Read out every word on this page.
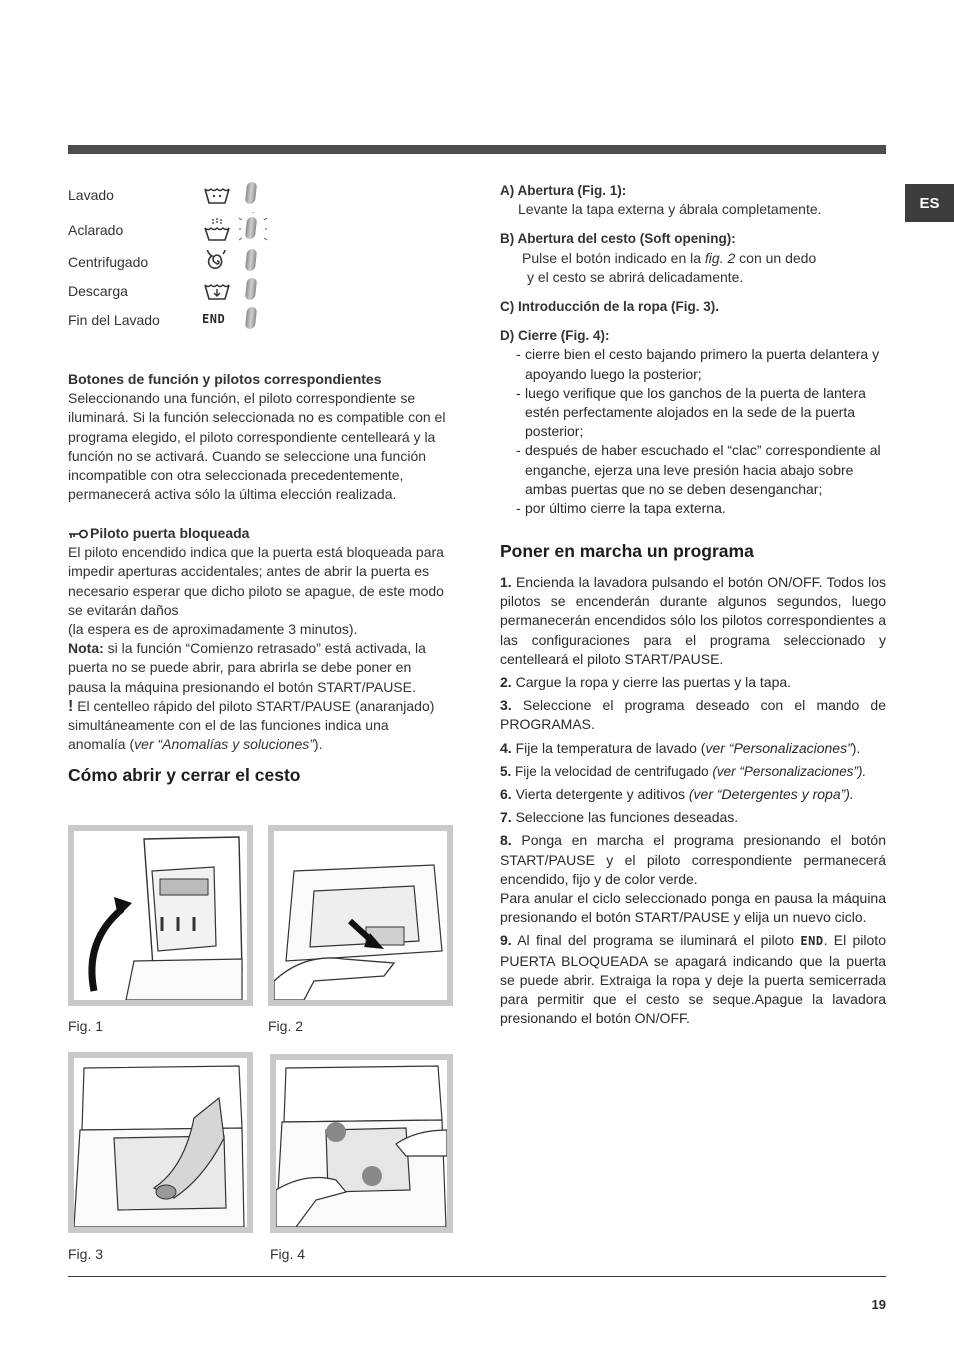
ES
Lavado
Aclarado
Centrifugado
Descarga
Fin del Lavado	END

Botones de función y pilotos correspondientes

Seleccionando una función, el piloto correspondiente se iluminará. Si la función seleccionada no es compatible con el programa elegido, el piloto correspondiente centelleará y la función no se activará. Cuando se seleccione una función incompatible con otra seleccionada precedentemente, permanecerá activa sólo la última elección realizada.

Piloto puerta bloqueada

El piloto encendido indica que la puerta está bloqueada para impedir aperturas accidentales; antes de abrir la puerta es necesario esperar que dicho piloto se apague, de este modo se evitarán daños

(la espera es de aproximadamente 3 minutos).

Nota: si la función “Comienzo retrasado” está activada, la puerta no se puede abrir, para abrirla se debe poner en pausa la máquina presionando el botón START/PAUSE.

! El centelleo rápido del piloto START/PAUSE (anaranjado) simultáneamente con el de las funciones indica una anomalía (ver “Anomalías y soluciones”).

Cómo abrir y cerrar el cesto
Fig. 1	Fig. 2
Fig. 3	Fig. 4

A) Abertura (Fig. 1):

Levante la tapa externa y ábrala completamente.

B) Abertura del cesto (Soft opening):

Pulse el botón indicado en la fig. 2 con un dedo

y el cesto se abrirá delicadamente.

C) Introducción de la ropa (Fig. 3).

D) Cierre (Fig. 4):

- cierre bien el cesto bajando primero la puerta delantera y apoyando luego la posterior;
- luego verifique que los ganchos de la puerta de lantera estén perfectamente alojados en la sede de la puerta posterior;
- después de haber escuchado el “clac” correspondiente al enganche, ejerza una leve presión hacia abajo sobre ambas puertas que no se deben desenganchar;
- por último cierre la tapa externa.
Poner en marcha un programa

1. Encienda la lavadora pulsando el botón ON/OFF. Todos los pilotos se encenderán durante algunos segundos, luego permanecerán encendidos sólo los pilotos correspondientes a las configuraciones para el programa seleccionado y centelleará el piloto START/PAUSE.

2. Cargue la ropa y cierre las puertas y la tapa.

3. Seleccione el programa deseado con el mando de PROGRAMAS.

4. Fije la temperatura de lavado (ver “Personalizaciones”).

5. Fije la velocidad de centrifugado (ver “Personalizaciones”).

6. Vierta detergente y aditivos (ver “Detergentes y ropa”).

7. Seleccione las funciones deseadas.

8. Ponga en marcha el programa presionando el botón START/PAUSE y el piloto correspondiente permanecerá encendido, fijo y de color verde.

Para anular el ciclo seleccionado ponga en pausa la máquina presionando el botón START/PAUSE y elija un nuevo ciclo.

9. Al final del programa se iluminará el piloto END. El piloto PUERTA BLOQUEADA se apagará indicando que la puerta se puede abrir. Extraiga la ropa y deje la puerta semicerrada para permitir que el cesto se seque.Apague la lavadora presionando el botón ON/OFF.

19
